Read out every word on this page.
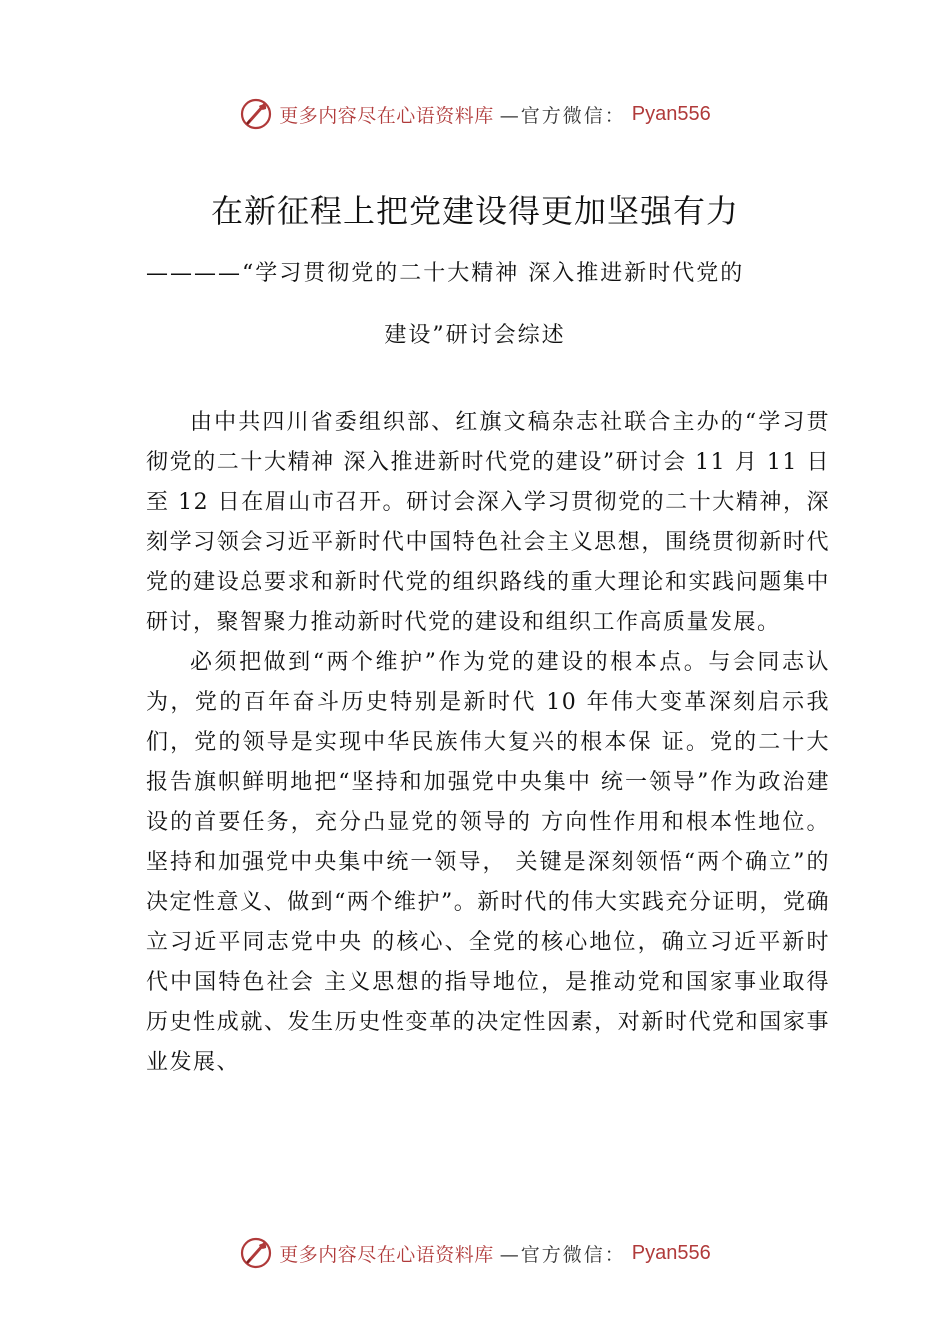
更多内容尽在心语资料库 —官方微信： Pyan556
在新征程上把党建设得更加坚强有力
————“学习贯彻党的二十大精神 深入推进新时代党的
建设”研讨会综述

由中共四川省委组织部、红旗文稿杂志社联合主办的“学习贯彻党的二十大精神 深入推进新时代党的建设”研讨会 11 月 11 日至 12 日在眉山市召开。研讨会深入学习贯彻党的二十大精神，深刻学习领会习近平新时代中国特色社会主义思想，围绕贯彻新时代党的建设总要求和新时代党的组织路线的重大理论和实践问题集中研讨，聚智聚力推动新时代党的建设和组织工作高质量发展。

必须把做到“两个维护”作为党的建设的根本点。与会同志认为，党的百年奋斗历史特别是新时代 10 年伟大变革深刻启示我们，党的领导是实现中华民族伟大复兴的根本保 证。党的二十大报告旗帜鲜明地把“坚持和加强党中央集中 统一领导”作为政治建设的首要任务，充分凸显党的领导的 方向性作用和根本性地位。坚持和加强党中央集中统一领导， 关键是深刻领悟“两个确立”的决定性意义、做到“两个维护”。新时代的伟大实践充分证明，党确立习近平同志党中央 的核心、全党的核心地位，确立习近平新时代中国特色社会 主义思想的指导地位，是推动党和国家事业取得历史性成就、发生历史性变革的决定性因素，对新时代党和国家事业发展、

更多内容尽在心语资料库 —官方微信： Pyan556
